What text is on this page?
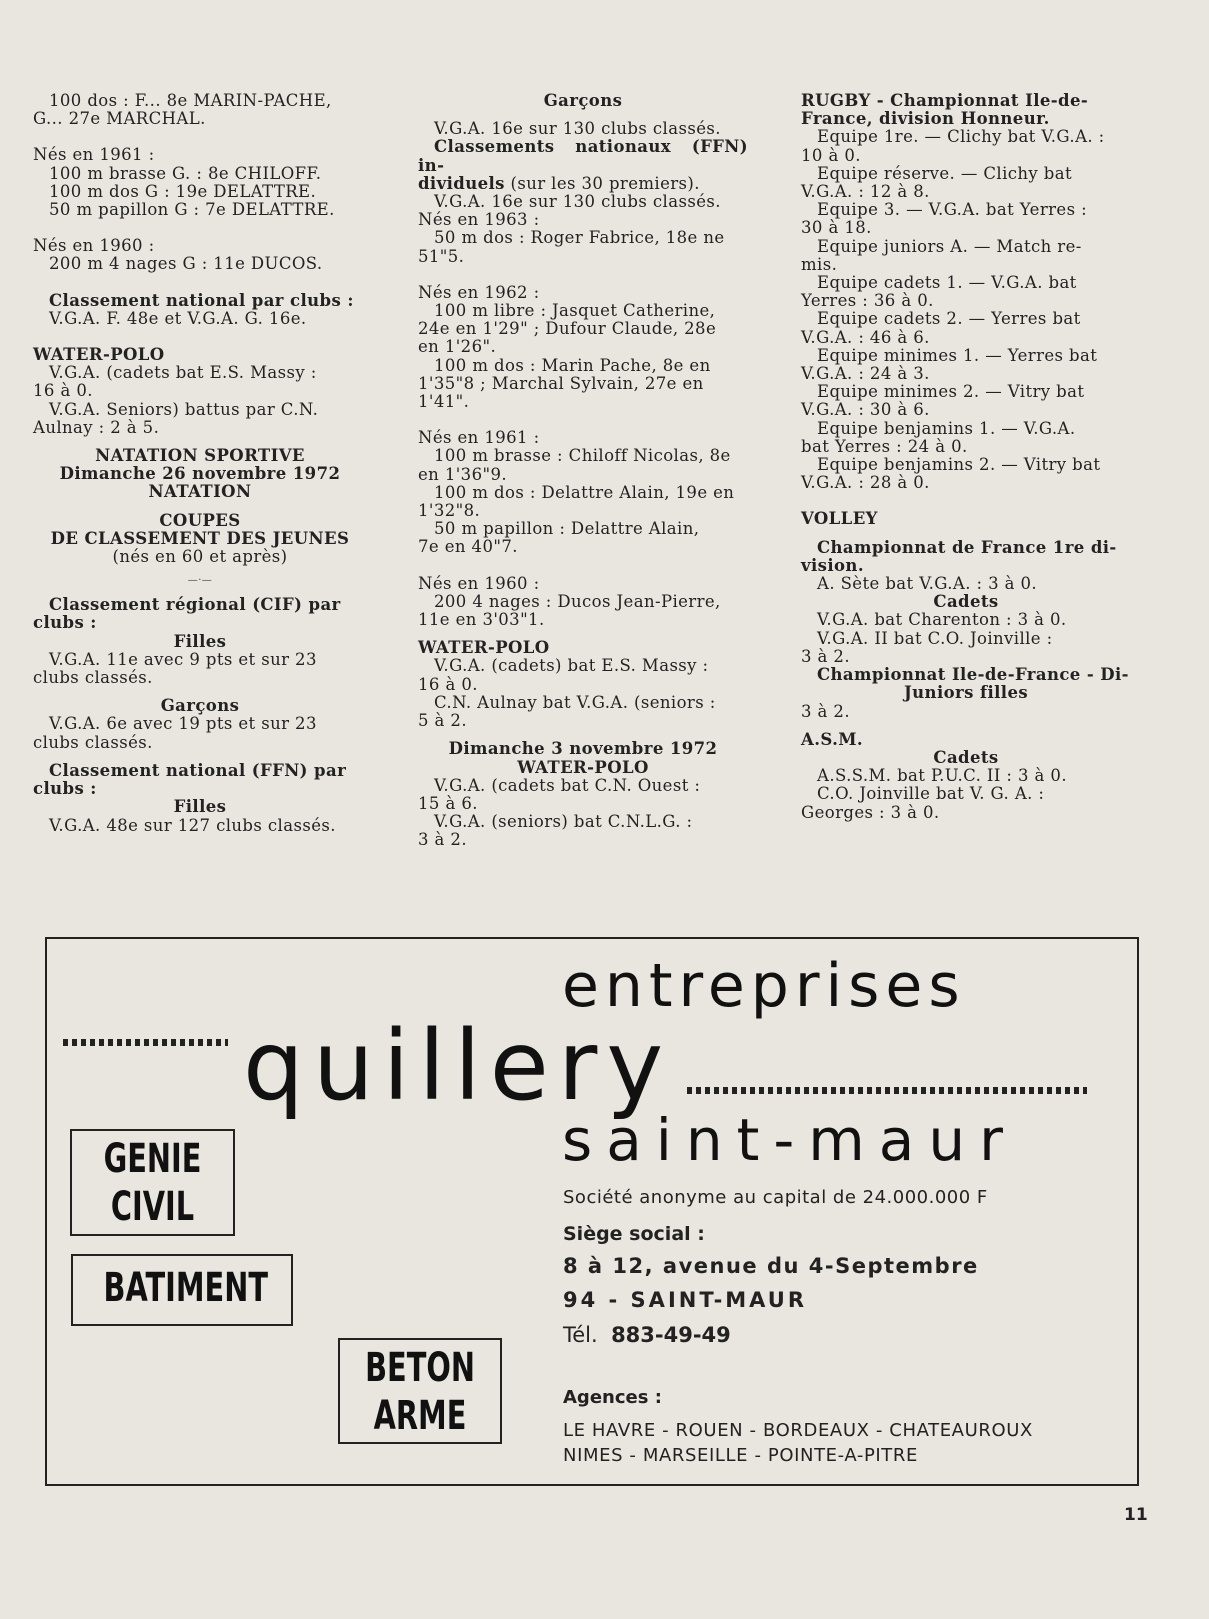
100 dos : F... 8e MARIN-PACHE,

G... 27e MARCHAL.

Nés en 1961 :

100 m brasse G. : 8e CHILOFF.

100 m dos G : 19e DELATTRE.

50 m papillon G : 7e DELATTRE.

Nés en 1960 :

200 m 4 nages G : 11e DUCOS.

Classement national par clubs :

V.G.A. F. 48e et V.G.A. G. 16e.

WATER-POLO

V.G.A. (cadets bat E.S. Massy :

16 à 0.

V.G.A. Seniors) battus par C.N.

Aulnay : 2 à 5.

NATATION SPORTIVE

Dimanche 26 novembre 1972

NATATION

COUPES

DE CLASSEMENT DES JEUNES

(nés en 60 et après)

—·—

Classement régional (CIF) par

clubs :

Filles

V.G.A. 11e avec 9 pts et sur 23

clubs classés.

Garçons

V.G.A. 6e avec 19 pts et sur 23

clubs classés.

Classement national (FFN) par

clubs :

Filles

V.G.A. 48e sur 127 clubs classés.

Garçons

V.G.A. 16e sur 130 clubs classés.

Classements nationaux (FFN) in-

dividuels (sur les 30 premiers).

V.G.A. 16e sur 130 clubs classés.

Nés en 1963 :

50 m dos : Roger Fabrice, 18e ne

51"5.

Nés en 1962 :

100 m libre : Jasquet Catherine,

24e en 1'29" ; Dufour Claude, 28e

en 1'26".

100 m dos : Marin Pache, 8e en

1'35"8 ; Marchal Sylvain, 27e en

1'41".

Nés en 1961 :

100 m brasse : Chiloff Nicolas, 8e

en 1'36"9.

100 m dos : Delattre Alain, 19e en

1'32"8.

50 m papillon : Delattre Alain,

7e en 40"7.

Nés en 1960 :

200 4 nages : Ducos Jean-Pierre,

11e en 3'03"1.

WATER-POLO

V.G.A. (cadets) bat E.S. Massy :

16 à 0.

C.N. Aulnay bat V.G.A. (seniors :

5 à 2.

Dimanche 3 novembre 1972

WATER-POLO

V.G.A. (cadets bat C.N. Ouest :

15 à 6.

V.G.A. (seniors) bat C.N.L.G. :

3 à 2.

RUGBY - Championnat Ile-de-

France, division Honneur.

Equipe 1re. — Clichy bat V.G.A. :

10 à 0.

Equipe réserve. — Clichy bat

V.G.A. : 12 à 8.

Equipe 3. — V.G.A. bat Yerres :

30 à 18.

Equipe juniors A. — Match re-

mis.

Equipe cadets 1. — V.G.A. bat

Yerres : 36 à 0.

Equipe cadets 2. — Yerres bat

V.G.A. : 46 à 6.

Equipe minimes 1. — Yerres bat

V.G.A. : 24 à 3.

Equipe minimes 2. — Vitry bat

V.G.A. : 30 à 6.

Equipe benjamins 1. — V.G.A.

bat Yerres : 24 à 0.

Equipe benjamins 2. — Vitry bat

V.G.A. : 28 à 0.

VOLLEY

Championnat de France 1re di-

vision.

A. Sète bat V.G.A. : 3 à 0.

Cadets

V.G.A. bat Charenton : 3 à 0.

V.G.A. II bat C.O. Joinville :

3 à 2.

Championnat Ile-de-France - Di-

Juniors filles

3 à 2.

A.S.M.

Cadets

A.S.S.M. bat P.U.C. II : 3 à 0.

C.O. Joinville bat V. G. A. :

Georges : 3 à 0.

entreprises
quillery
saint-maur
Société anonyme au capital de 24.000.000 F
Siège social :
8 à 12, avenue du 4-Septembre
94 - SAINT-MAUR
Tél. 883-49-49
Agences :
LE HAVRE - ROUEN - BORDEAUX - CHATEAUROUX
NIMES - MARSEILLE - POINTE-A-PITRE
GENIE
CIVIL
BATIMENT
BETON
ARME
11
